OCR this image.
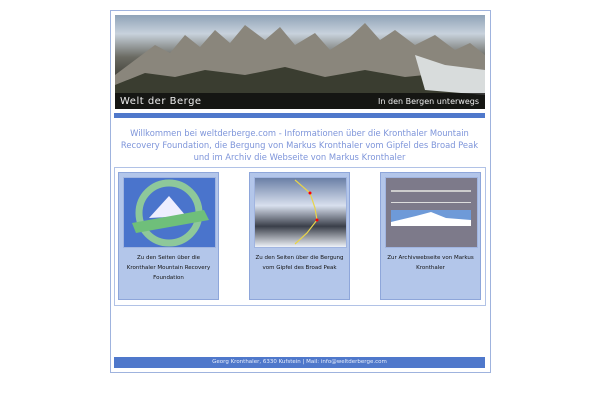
Welt der Berge	In den Bergen unterwegs
Willkommen bei weltderberge.com - Informationen über die Kronthaler Mountain Recovery Foundation, die Bergung von Markus Kronthaler vom Gipfel des Broad Peak und im Archiv die Webseite von Markus Kronthaler
Zu den Seiten über die Kronthaler Mountain Recovery Foundation
Zu den Seiten über die Bergung vom Gipfel des Broad Peak
Zur Archivwebseite von Markus Kronthaler
Georg Kronthaler, 6330 Kufstein | Mail: info@weltderberge.com
